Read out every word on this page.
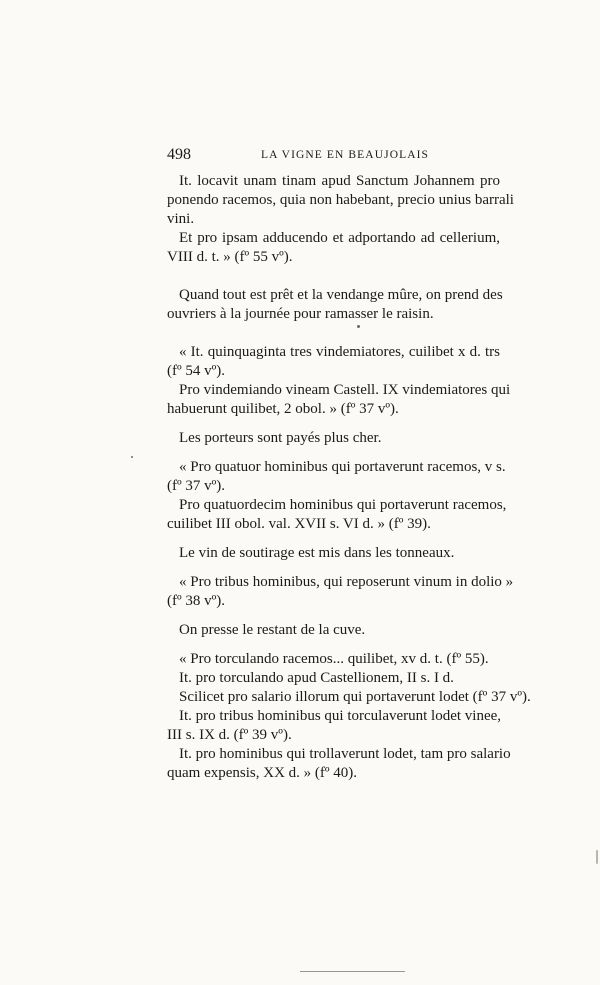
498	LA VIGNE EN BEAUJOLAIS
It. locavit unam tinam apud Sanctum Johannem pro
ponendo racemos, quia non habebant, precio unius barrali
vini.
Et pro ipsam adducendo et adportando ad cellerium,
VIII d. t. » (fº 55 vº).
Quand tout est prêt et la vendange mûre, on prend des
ouvriers à la journée pour ramasser le raisin.
« It. quinquaginta tres vindemiatores, cuilibet x d. trs
(fº 54 vº).
Pro vindemiando vineam Castell. IX vindemiatores qui
habuerunt quilibet, 2 obol. » (fº 37 vº).
Les porteurs sont payés plus cher.
« Pro quatuor hominibus qui portaverunt racemos, v s.
(fº 37 vº).
Pro quatuordecim hominibus qui portaverunt racemos,
cuilibet III obol. val. XVII s. VI d. » (fº 39).
Le vin de soutirage est mis dans les tonneaux.
« Pro tribus hominibus, qui reposerunt vinum in dolio »
(fº 38 vº).
On presse le restant de la cuve.
« Pro torculando racemos... quilibet, xv d. t. (fº 55).
It. pro torculando apud Castellionem, II s. I d.
Scilicet pro salario illorum qui portaverunt lodet (fº 37 vº).
It. pro tribus hominibus qui torculaverunt lodet vinee,
III s. IX d. (fº 39 vº).
It. pro hominibus qui trollaverunt lodet, tam pro salario
quam expensis, XX d. » (fº 40).
